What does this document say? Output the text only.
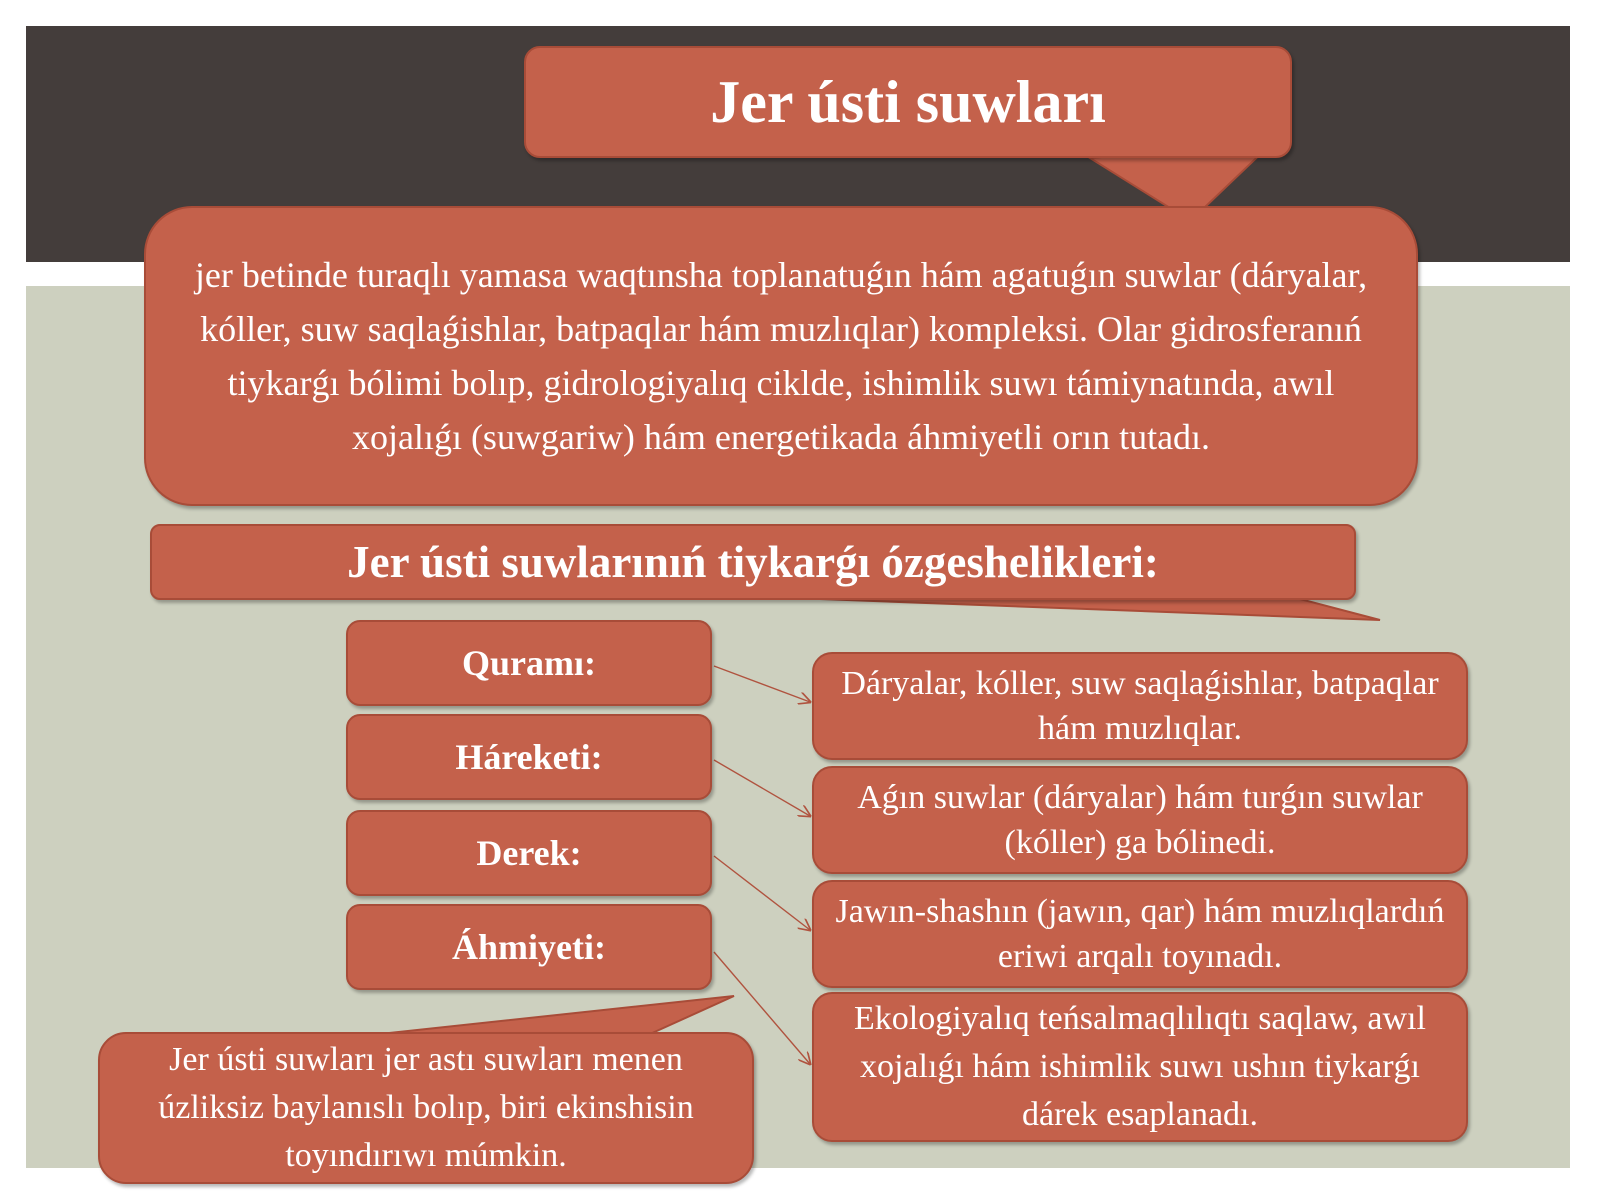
Jer ústi suwları
jer betinde turaqlı yamasa waqtınsha toplanatuǵın hám agatuǵın suwlar (dáryalar, kóller, suw saqlaǵishlar, batpaqlar hám muzlıqlar) kompleksi. Olar gidrosferanıń tiykarǵı bólimi bolıp, gidrologiyalıq cikldе, ishimlik suwı támiynatında, awıl xojalıǵı (suwgariw) hám energetikada áhmiyetli orın tutadı.
Jer ústi suwlarınıń tiykarǵı ózgeshelikleri:
Quramı:
Háreketi:
Derek:
Áhmiyeti:
Dáryalar, kóller, suw saqlaǵishlar, batpaqlar hám muzlıqlar.
Aǵın suwlar (dáryalar) hám turǵın suwlar (kóller) ga bólinedi.
Jawın-shashın (jawın, qar) hám muzlıqlardıń eriwi arqalı toyınadı.
Ekologiyalıq teńsalmaqlılıqtı saqlaw, awıl xojalıǵı hám ishimlik suwı ushın tiykarǵı dárek esaplanadı.
Jer ústi suwları jer astı suwları menen úzliksiz baylanıslı bolıp, biri ekinshisin toyındırıwı múmkin.
